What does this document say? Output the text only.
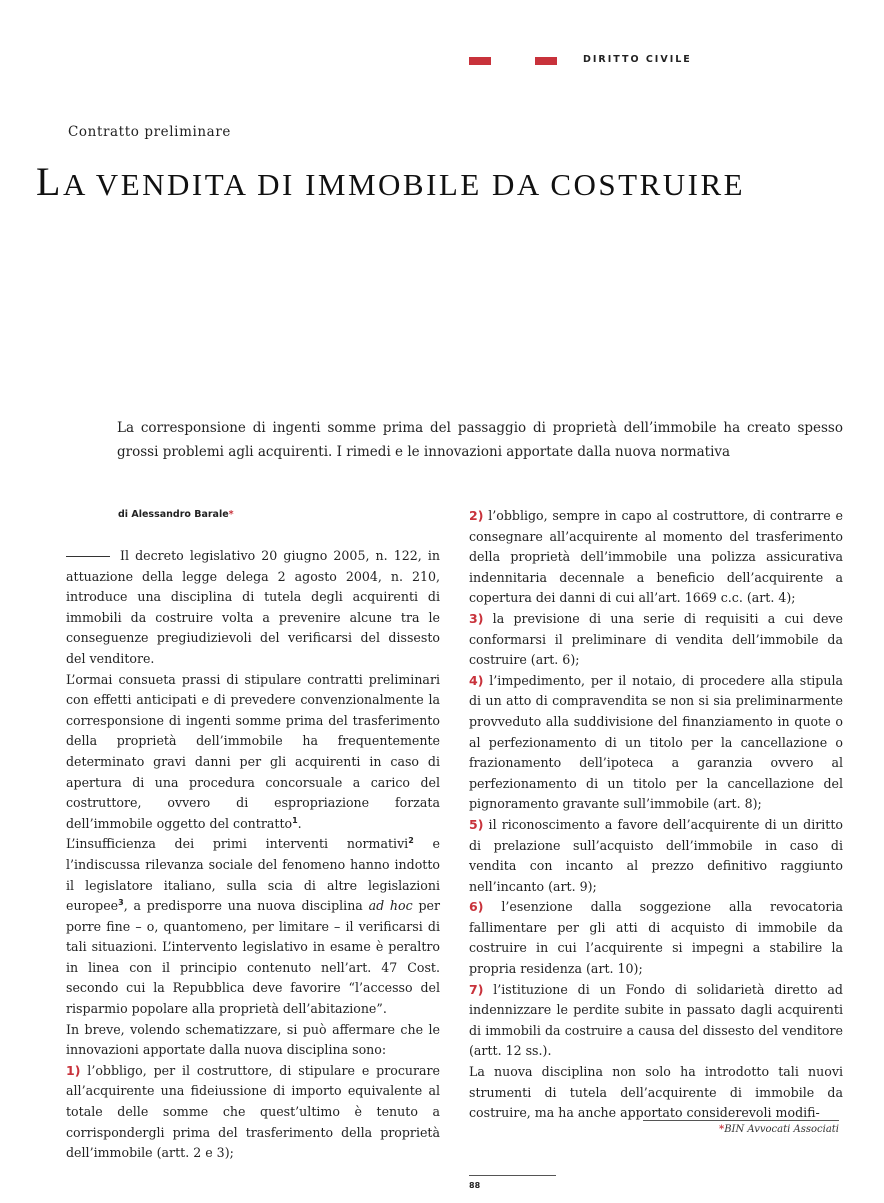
DIRITTO CIVILE
Contratto preliminare
LA VENDITA DI IMMOBILE DA COSTRUIRE
La corresponsione di ingenti somme prima del passaggio di proprietà dell’immobile ha creato spesso grossi problemi agli acquirenti. I rimedi e le innovazioni apportate dalla nuova normativa
di Alessandro Barale*

Il decreto legislativo 20 giugno 2005, n. 122, in attuazione della legge delega 2 agosto 2004, n. 210, introduce una disciplina di tutela degli acquirenti di immobili da costruire volta a prevenire alcune tra le conseguenze pregiudizievoli del verificarsi del dissesto del venditore.

L’ormai consueta prassi di stipulare contratti preliminari con effetti anticipati e di prevedere convenzionalmente la corresponsione di ingenti somme prima del trasferimento della proprietà dell’immobile ha frequentemente determinato gravi danni per gli acquirenti in caso di apertura di una procedura concorsuale a carico del costruttore, ovvero di espropriazione forzata dell’immobile oggetto del contratto$^1$.

L’insufficienza dei primi interventi normativi$^2$ e l’indiscussa rilevanza sociale del fenomeno hanno indotto il legislatore italiano, sulla scia di altre legislazioni europee$^3$, a predisporre una nuova disciplina ad hoc per porre fine – o, quantomeno, per limitare – il verificarsi di tali situazioni. L’intervento legislativo in esame è peraltro in linea con il principio contenuto nell’art. 47 Cost. secondo cui la Repubblica deve favorire “l’accesso del risparmio popolare alla proprietà dell’abitazione”.

In breve, volendo schematizzare, si può affermare che le innovazioni apportate dalla nuova disciplina sono:

1) l’obbligo, per il costruttore, di stipulare e procurare all’acquirente una fideiussione di importo equivalente al totale delle somme che quest’ultimo è tenuto a corrispondergli prima del trasferimento della proprietà dell’immobile (artt. 2 e 3);

2) l’obbligo, sempre in capo al costruttore, di contrarre e consegnare all’acquirente al momento del trasferimento della proprietà dell’immobile una polizza assicurativa indennitaria decennale a beneficio dell’acquirente a copertura dei danni di cui all’art. 1669 c.c. (art. 4);

3) la previsione di una serie di requisiti a cui deve conformarsi il preliminare di vendita dell’immobile da costruire (art. 6);

4) l’impedimento, per il notaio, di procedere alla stipula di un atto di compravendita se non si sia preliminarmente provveduto alla suddivisione del finanziamento in quote o al perfezionamento di un titolo per la cancellazione o frazionamento dell’ipoteca a garanzia ovvero al perfezionamento di un titolo per la cancellazione del pignoramento gravante sull’immobile (art. 8);

5) il riconoscimento a favore dell’acquirente di un diritto di prelazione sull’acquisto dell’immobile in caso di vendita con incanto al prezzo definitivo raggiunto nell’incanto (art. 9);

6) l’esenzione dalla soggezione alla revocatoria fallimentare per gli atti di acquisto di immobile da costruire in cui l’acquirente si impegni a stabilire la propria residenza (art. 10);

7) l’istituzione di un Fondo di solidarietà diretto ad indennizzare le perdite subite in passato dagli acquirenti di immobili da costruire a causa del dissesto del venditore (artt. 12 ss.).

La nuova disciplina non solo ha introdotto tali nuovi strumenti di tutela dell’acquirente di immobile da costruire, ma ha anche apportato considerevoli modifi-

*BIN Avvocati Associati
88
